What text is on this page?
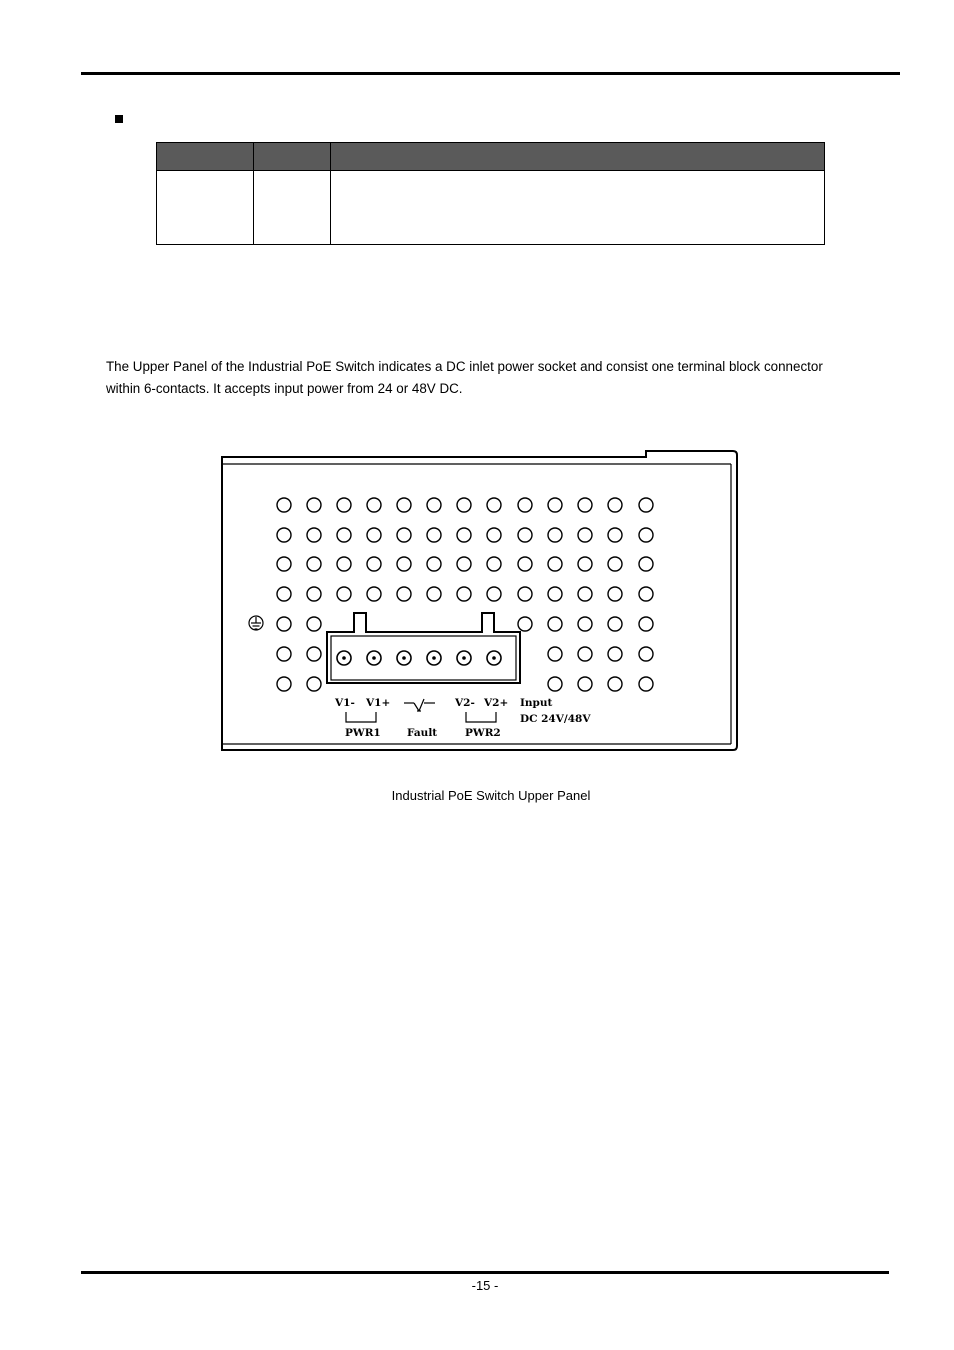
The Upper Panel of the Industrial PoE Switch indicates a DC inlet power socket and consist one terminal block connector

within 6-contacts. It accepts input power from 24 or 48V DC.

V1- V1+	V2- V2+ Input
DC 24V/48V
PWR1	Fault	PWR2
Industrial PoE Switch Upper Panel
-15 -
